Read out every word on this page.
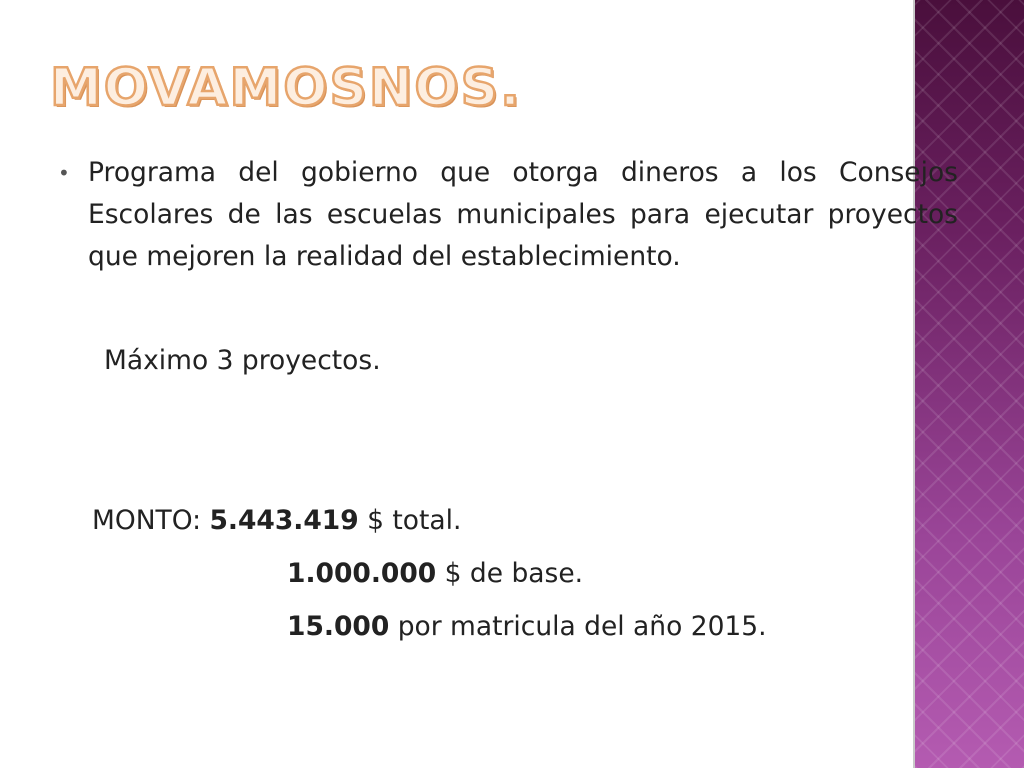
MOVAMOSNOS.

• Programa del gobierno que otorga dineros a los Consejos Escolares de las escuelas municipales para ejecutar proyectos que mejoren la realidad del establecimiento.

Máximo 3 proyectos.
MONTO: 5.443.419 $ total.
1.000.000 $ de base.
15.000 por matricula del año 2015.
